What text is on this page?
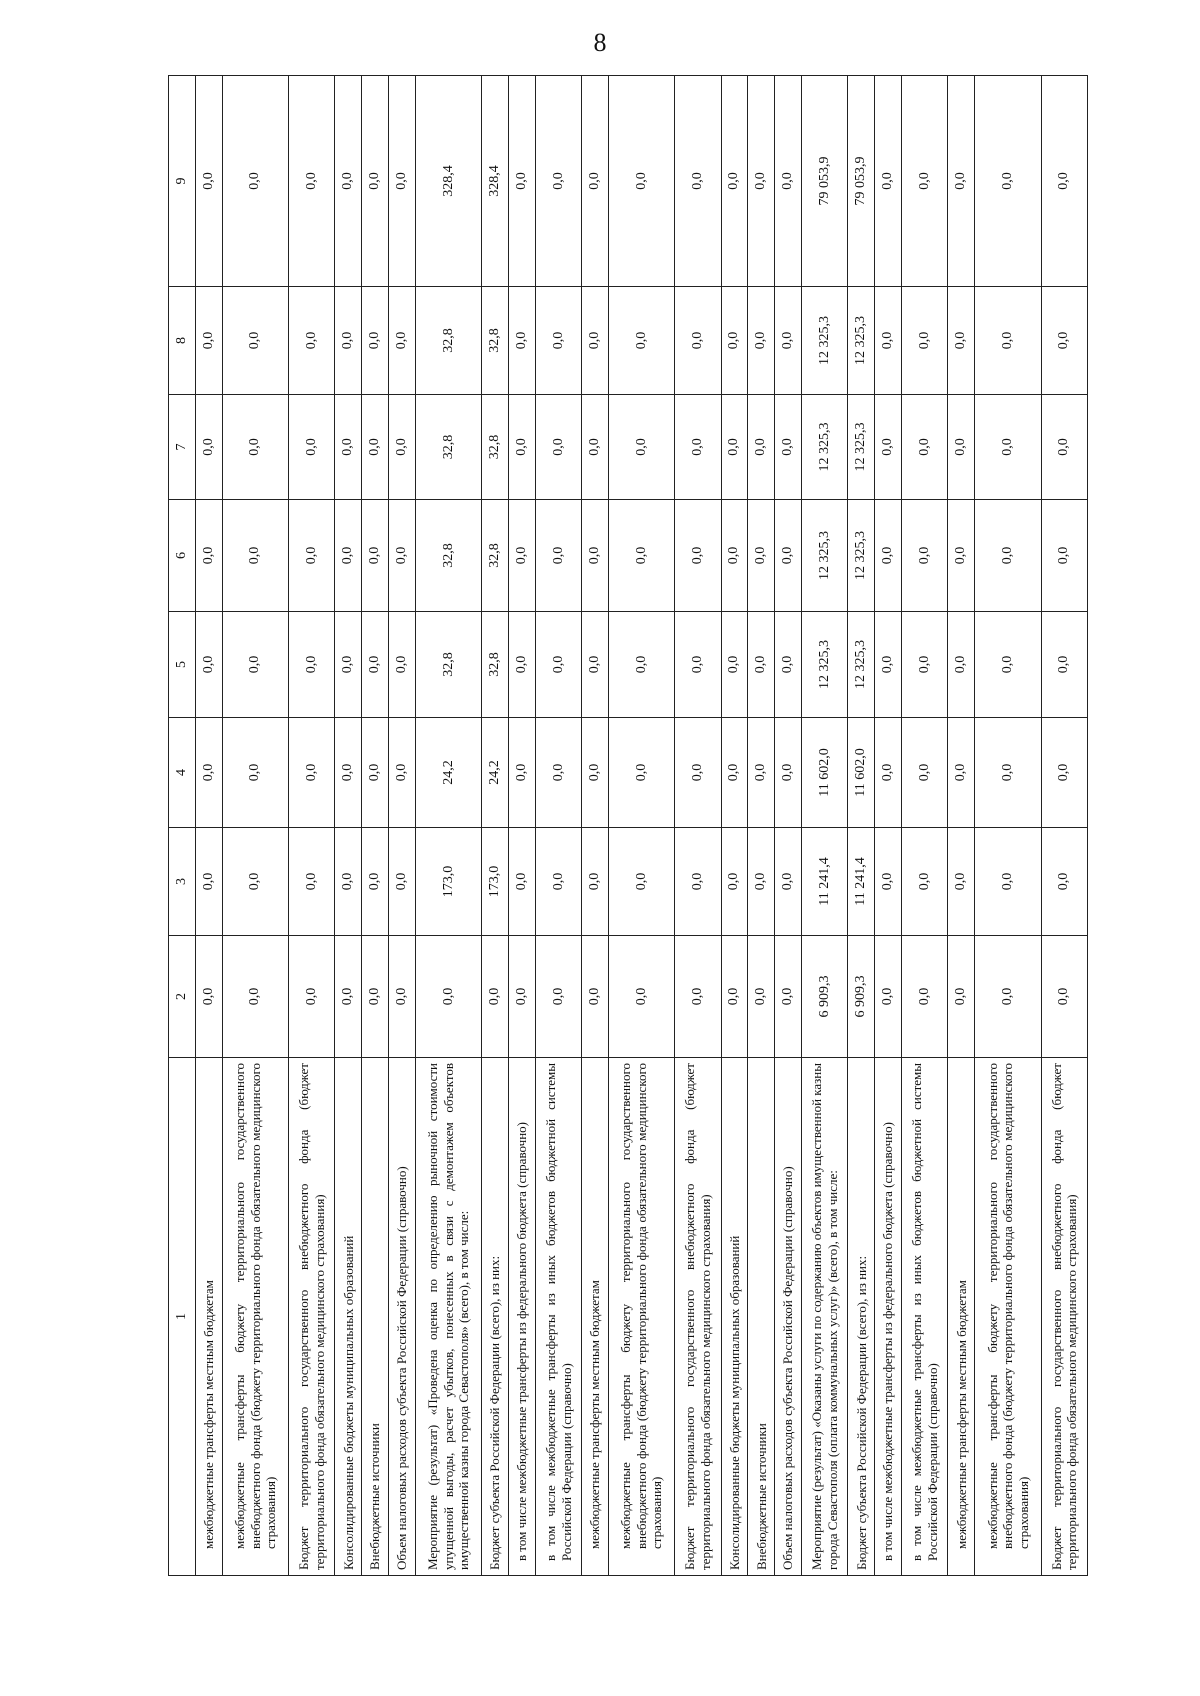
8
1	2	3	4	5	6	7	8	9
межбюджетные трансферты местным бюджетам	0,0	0,0	0,0	0,0	0,0	0,0	0,0	0,0
межбюджетные трансферты бюджету территориального государственного внебюджетного фонда (бюджету территориального фонда обязательного медицинского страхования)	0,0	0,0	0,0	0,0	0,0	0,0	0,0	0,0
Бюджет территориального государственного внебюджетного фонда (бюджет территориального фонда обязательного медицинского страхования)	0,0	0,0	0,0	0,0	0,0	0,0	0,0	0,0
Консолидированные бюджеты муниципальных образований	0,0	0,0	0,0	0,0	0,0	0,0	0,0	0,0
Внебюджетные источники	0,0	0,0	0,0	0,0	0,0	0,0	0,0	0,0
Объем налоговых расходов субъекта Российской Федерации (справочно)	0,0	0,0	0,0	0,0	0,0	0,0	0,0	0,0
Мероприятие (результат) «Проведена оценка по определению рыночной стоимости упущенной выгоды, расчет убытков, понесенных в связи с демонтажем объектов имущественной казны города Севастополя» (всего), в том числе:	0,0	173,0	24,2	32,8	32,8	32,8	32,8	328,4
Бюджет субъекта Российской Федерации (всего), из них:	0,0	173,0	24,2	32,8	32,8	32,8	32,8	328,4
в том числе межбюджетные трансферты из федерального бюджета (справочно)	0,0	0,0	0,0	0,0	0,0	0,0	0,0	0,0
в том числе межбюджетные трансферты из иных бюджетов бюджетной системы Российской Федерации (справочно)	0,0	0,0	0,0	0,0	0,0	0,0	0,0	0,0
межбюджетные трансферты местным бюджетам	0,0	0,0	0,0	0,0	0,0	0,0	0,0	0,0
межбюджетные трансферты бюджету территориального государственного внебюджетного фонда (бюджету территориального фонда обязательного медицинского страхования)	0,0	0,0	0,0	0,0	0,0	0,0	0,0	0,0
Бюджет территориального государственного внебюджетного фонда (бюджет территориального фонда обязательного медицинского страхования)	0,0	0,0	0,0	0,0	0,0	0,0	0,0	0,0
Консолидированные бюджеты муниципальных образований	0,0	0,0	0,0	0,0	0,0	0,0	0,0	0,0
Внебюджетные источники	0,0	0,0	0,0	0,0	0,0	0,0	0,0	0,0
Объем налоговых расходов субъекта Российской Федерации (справочно)	0,0	0,0	0,0	0,0	0,0	0,0	0,0	0,0
Мероприятие (результат) «Оказаны услуги по содержанию объектов имущественной казны города Севастополя (оплата коммунальных услуг)» (всего), в том числе:	6 909,3	11 241,4	11 602,0	12 325,3	12 325,3	12 325,3	12 325,3	79 053,9
Бюджет субъекта Российской Федерации (всего), из них:	6 909,3	11 241,4	11 602,0	12 325,3	12 325,3	12 325,3	12 325,3	79 053,9
в том числе межбюджетные трансферты из федерального бюджета (справочно)	0,0	0,0	0,0	0,0	0,0	0,0	0,0	0,0
в том числе межбюджетные трансферты из иных бюджетов бюджетной системы Российской Федерации (справочно)	0,0	0,0	0,0	0,0	0,0	0,0	0,0	0,0
межбюджетные трансферты местным бюджетам	0,0	0,0	0,0	0,0	0,0	0,0	0,0	0,0
межбюджетные трансферты бюджету территориального государственного внебюджетного фонда (бюджету территориального фонда обязательного медицинского страхования)	0,0	0,0	0,0	0,0	0,0	0,0	0,0	0,0
Бюджет территориального государственного внебюджетного фонда (бюджет территориального фонда обязательного медицинского страхования)	0,0	0,0	0,0	0,0	0,0	0,0	0,0	0,0
